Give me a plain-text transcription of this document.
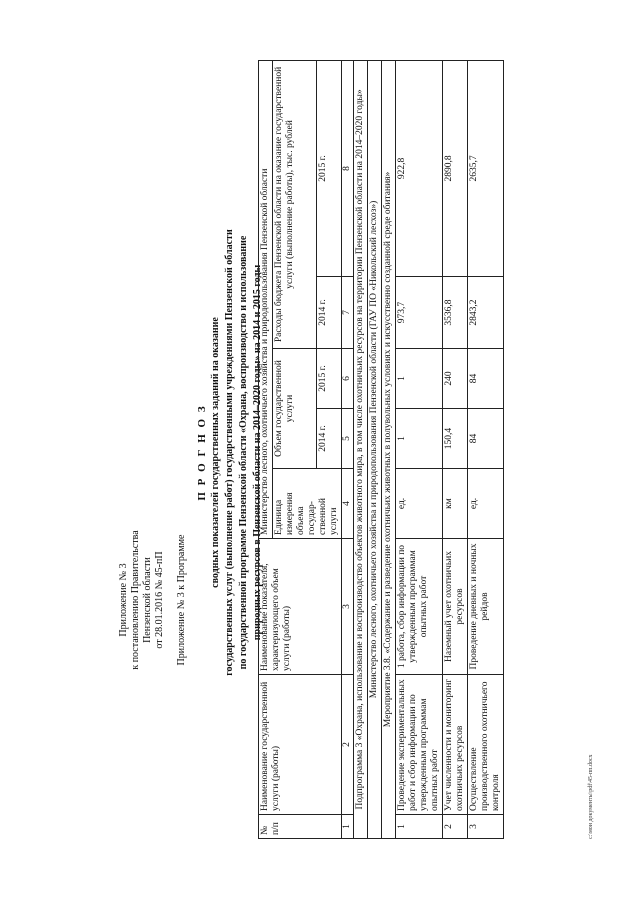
Приложение № 3 к постановлению Правительства Пензенской области от 28.01.2016 № 45-пП Приложение № 3 к Программе
П Р О Г Н О З сводных показателей государственных заданий на оказание государственных услуг (выполнение работ) государственными учреждениями Пензенской области по государственной программе Пензенской области «Охрана, воспроизводство и использование природных ресурсов в Пензенской области на 2014–2020 годы» на 2014 и 2015 годы
№ п/п	Наименование государственной услуги (работы)	Наименование показателя, характеризующего объем услуги (работы)	Министерство лесного, охотничьего хозяйства и природопользования Пензенской области				
			Единица измерения объема государ-ственной услуги	Объем государственной услуги		Расходы бюджета Пензенской области на оказание государственной услуги (выполнение работы), тыс. рублей	
				2014 г.	2015 г.	2014 г.	2015 г.
1	2	3	4	5	6	7	8
Подпрограмма 3 «Охрана, использование и воспроизводство объектов животного мира, в том числе охотничьих ресурсов на территории Пензенской области на 2014–2020 годы»							
Министерство лесного, охотничьего хозяйства и природопользования Пензенской области (ГАУ ПО «Никольский лесхоз»)							
Мероприятие 3.8. «Содержание и разведение охотничьих животных в полувольных условиях и искусственно созданной среде обитания»							
1	Проведение экспериментальных работ и сбор информации по утвержденным программам опытных работ	1 работа, сбор информации по утвержденным программам опытных работ	ед.	1	1	973,7	922,8
2	Учет численности и мониторинг охотничьих ресурсов	Наземный учет охотничьих ресурсов	км	150,4	240	3536,8	2890,8
3	Осуществление производственного охотничьего контроля	Проведение дневных и ночных рейдов	ед.	84	84	2843,2	2635,7
c:\мои документы\pdf\45-пп.docx
